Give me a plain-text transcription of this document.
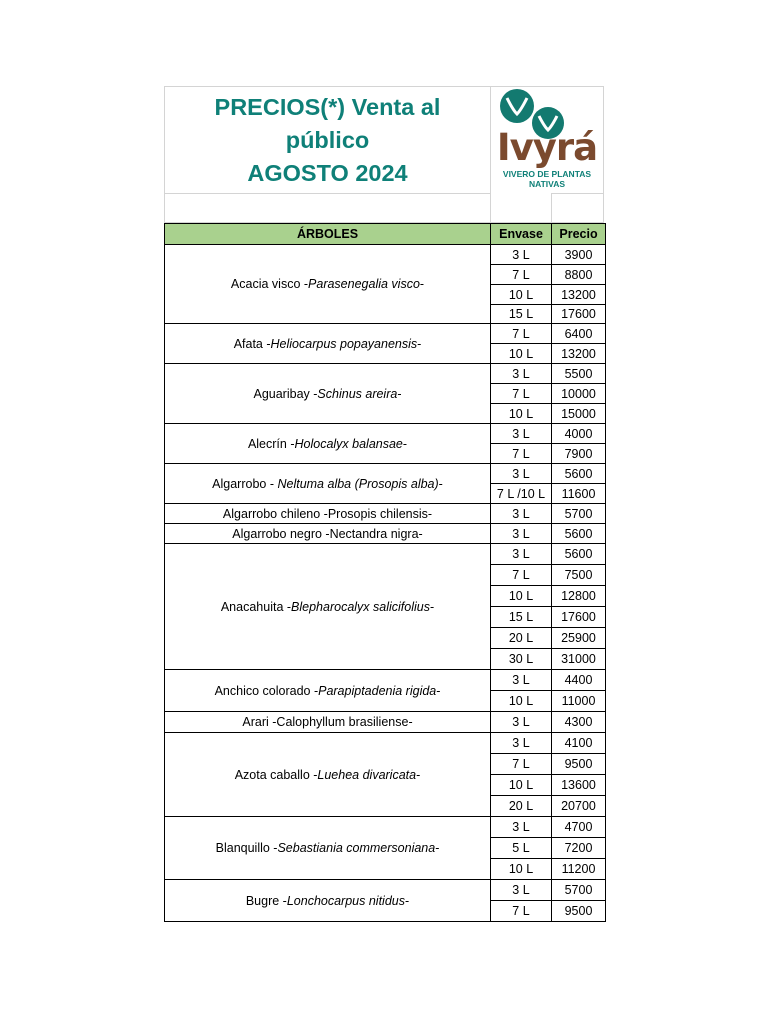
PRECIOS(*) Venta al
público
AGOSTO 2024
Ivyrá
VIVERO DE PLANTAS
NATIVAS
ÁRBOLES	Envase	Precio
Acacia visco -Parasenegalia visco-	3 L	3900
	7 L	8800
	10 L	13200
	15 L	17600
Afata -Heliocarpus popayanensis-	7 L	6400
	10 L	13200
Aguaribay -Schinus areira-	3 L	5500
	7 L	10000
	10 L	15000
Alecrín -Holocalyx balansae-	3 L	4000
	7 L	7900
Algarrobo - Neltuma alba (Prosopis alba)-	3 L	5600
	7 L /10 L	11600
Algarrobo chileno -Prosopis chilensis-	3 L	5700
Algarrobo negro -Nectandra nigra-	3 L	5600
Anacahuita -Blepharocalyx salicifolius-	3 L	5600
	7 L	7500
	10 L	12800
	15 L	17600
	20 L	25900
	30 L	31000
Anchico colorado -Parapiptadenia rigida-	3 L	4400
	10 L	11000
Arari -Calophyllum brasiliense-	3 L	4300
Azota caballo -Luehea divaricata-	3 L	4100
	7 L	9500
	10 L	13600
	20 L	20700
Blanquillo -Sebastiania commersoniana-	3 L	4700
	5 L	7200
	10 L	11200
Bugre -Lonchocarpus nitidus-	3 L	5700
	7 L	9500
